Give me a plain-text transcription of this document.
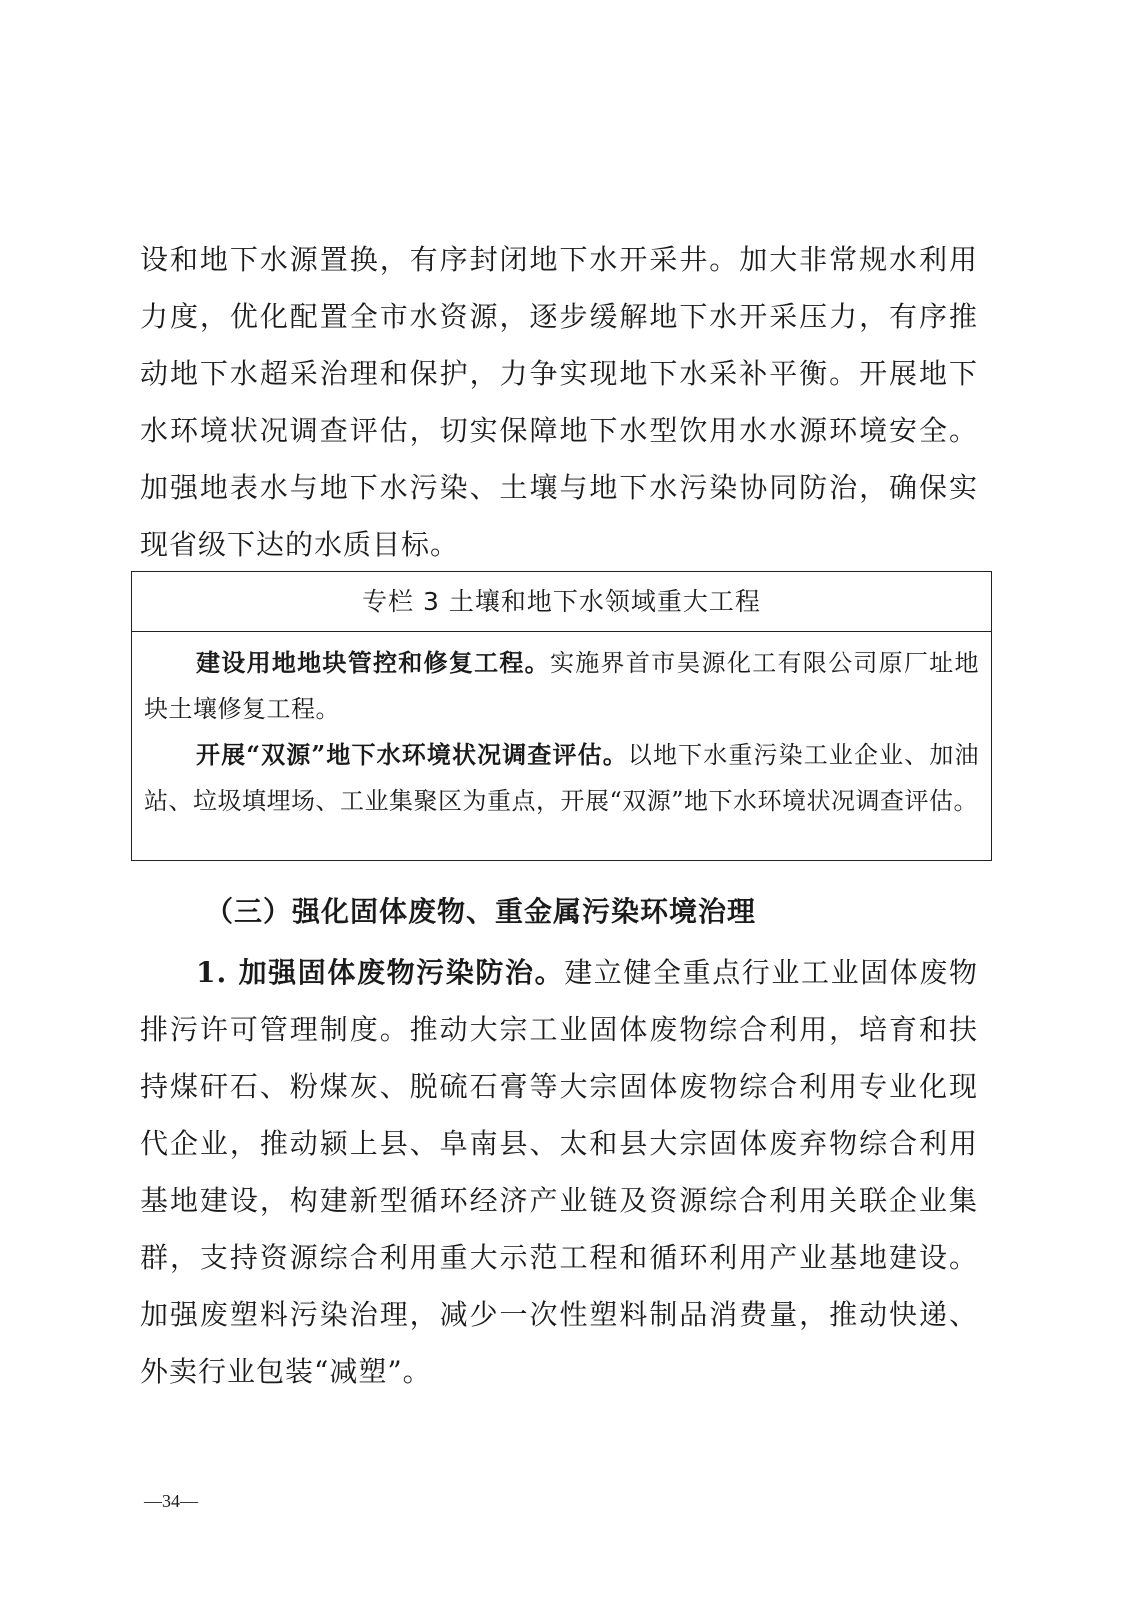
设和地下水源置换，有序封闭地下水开采井。加大非常规水利用力度，优化配置全市水资源，逐步缓解地下水开采压力，有序推动地下水超采治理和保护，力争实现地下水采补平衡。开展地下水环境状况调查评估，切实保障地下水型饮用水水源环境安全。加强地表水与地下水污染、土壤与地下水污染协同防治，确保实现省级下达的水质目标。

专栏 3 土壤和地下水领域重大工程

建设用地地块管控和修复工程。实施界首市昊源化工有限公司原厂址地块土壤修复工程。

开展“双源”地下水环境状况调查评估。以地下水重污染工业企业、加油站、垃圾填埋场、工业集聚区为重点，开展“双源”地下水环境状况调查评估。

（三）强化固体废物、重金属污染环境治理

1. 加强固体废物污染防治。建立健全重点行业工业固体废物排污许可管理制度。推动大宗工业固体废物综合利用，培育和扶持煤矸石、粉煤灰、脱硫石膏等大宗固体废物综合利用专业化现代企业，推动颍上县、阜南县、太和县大宗固体废弃物综合利用基地建设，构建新型循环经济产业链及资源综合利用关联企业集群，支持资源综合利用重大示范工程和循环利用产业基地建设。加强废塑料污染治理，减少一次性塑料制品消费量，推动快递、外卖行业包装“减塑”。

—34—
